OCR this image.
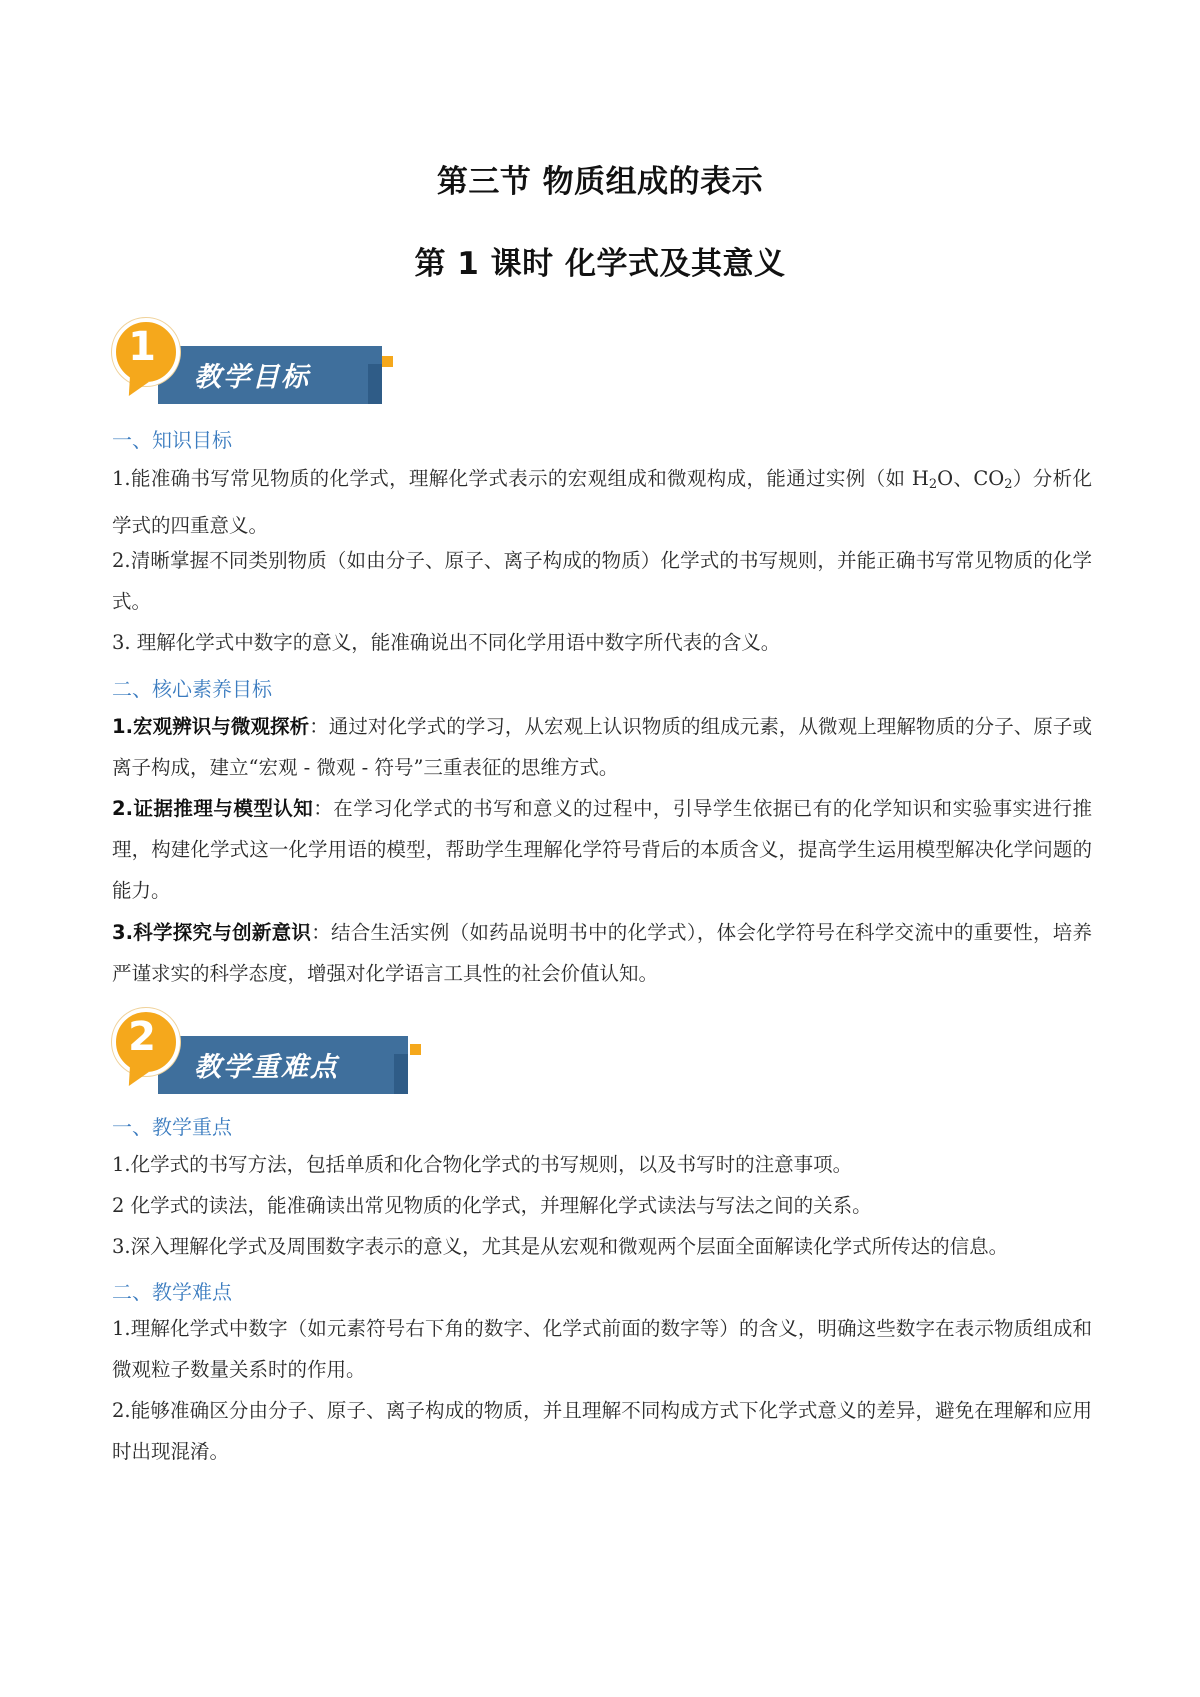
第三节 物质组成的表示
第 1 课时 化学式及其意义
教学目标
1
一、知识目标
1.能准确书写常见物质的化学式，理解化学式表示的宏观组成和微观构成，能通过实例（如 $H_2O$、$CO_2$）分析化学式的四重意义。
2.清晰掌握不同类别物质（如由分子、原子、离子构成的物质）化学式的书写规则，并能正确书写常见物质的化学式。
3. 理解化学式中数字的意义，能准确说出不同化学用语中数字所代表的含义。
二、核心素养目标
1.宏观辨识与微观探析：通过对化学式的学习，从宏观上认识物质的组成元素，从微观上理解物质的分子、原子或离子构成，建立“宏观 - 微观 - 符号”三重表征的思维方式。
2.证据推理与模型认知：在学习化学式的书写和意义的过程中，引导学生依据已有的化学知识和实验事实进行推理，构建化学式这一化学用语的模型，帮助学生理解化学符号背后的本质含义，提高学生运用模型解决化学问题的能力。
3.科学探究与创新意识：结合生活实例（如药品说明书中的化学式），体会化学符号在科学交流中的重要性，培养严谨求实的科学态度，增强对化学语言工具性的社会价值认知。
教学重难点
2
一、教学重点
1.化学式的书写方法，包括单质和化合物化学式的书写规则，以及书写时的注意事项。
2 化学式的读法，能准确读出常见物质的化学式，并理解化学式读法与写法之间的关系。
3.深入理解化学式及周围数字表示的意义，尤其是从宏观和微观两个层面全面解读化学式所传达的信息。
二、教学难点
1.理解化学式中数字（如元素符号右下角的数字、化学式前面的数字等）的含义，明确这些数字在表示物质组成和微观粒子数量关系时的作用。
2.能够准确区分由分子、原子、离子构成的物质，并且理解不同构成方式下化学式意义的差异，避免在理解和应用时出现混淆。
